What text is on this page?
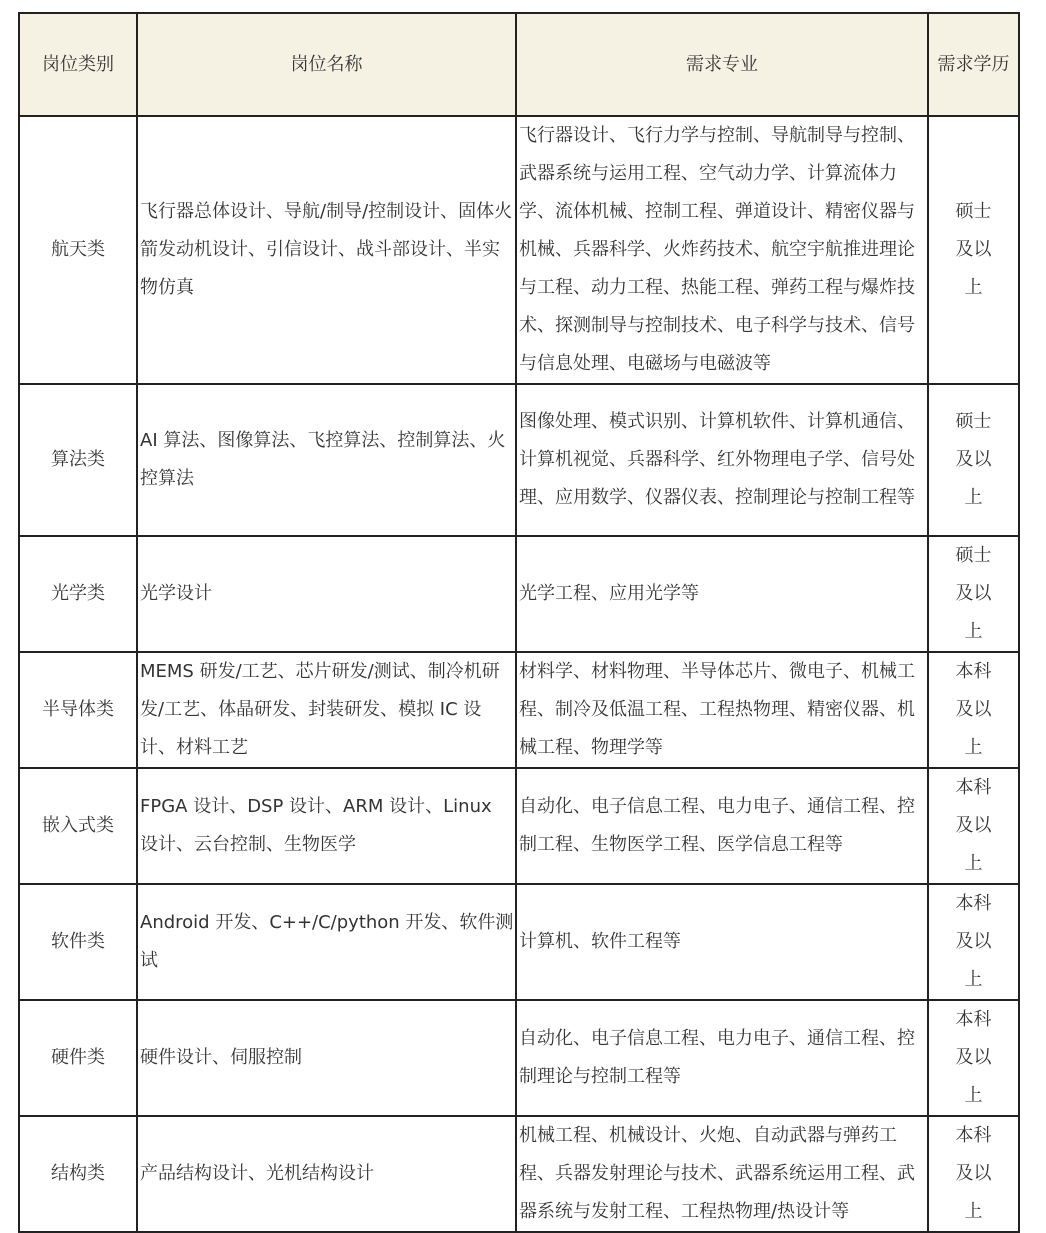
岗位类别	岗位名称	需求专业	需求学历
航天类	飞行器总体设计、导航/制导/控制设计、固体火箭发动机设计、引信设计、战斗部设计、半实物仿真	飞行器设计、飞行力学与控制、导航制导与控制、武器系统与运用工程、空气动力学、计算流体力学、流体机械、控制工程、弹道设计、精密仪器与机械、兵器科学、火炸药技术、航空宇航推进理论与工程、动力工程、热能工程、弹药工程与爆炸技术、探测制导与控制技术、电子科学与技术、信号与信息处理、电磁场与电磁波等	硕士及以上
算法类	AI 算法、图像算法、飞控算法、控制算法、火控算法	图像处理、模式识别、计算机软件、计算机通信、计算机视觉、兵器科学、红外物理电子学、信号处理、应用数学、仪器仪表、控制理论与控制工程等	硕士及以上
光学类	光学设计	光学工程、应用光学等	硕士及以上
半导体类	MEMS 研发/工艺、芯片研发/测试、制冷机研发/工艺、体晶研发、封装研发、模拟 IC 设计、材料工艺	材料学、材料物理、半导体芯片、微电子、机械工程、制冷及低温工程、工程热物理、精密仪器、机械工程、物理学等	本科及以上
嵌入式类	FPGA 设计、DSP 设计、ARM 设计、Linux 设计、云台控制、生物医学	自动化、电子信息工程、电力电子、通信工程、控制工程、生物医学工程、医学信息工程等	本科及以上
软件类	Android 开发、C++/C/python 开发、软件测试	计算机、软件工程等	本科及以上
硬件类	硬件设计、伺服控制	自动化、电子信息工程、电力电子、通信工程、控制理论与控制工程等	本科及以上
结构类	产品结构设计、光机结构设计	机械工程、机械设计、火炮、自动武器与弹药工程、兵器发射理论与技术、武器系统运用工程、武器系统与发射工程、工程热物理/热设计等	本科及以上
